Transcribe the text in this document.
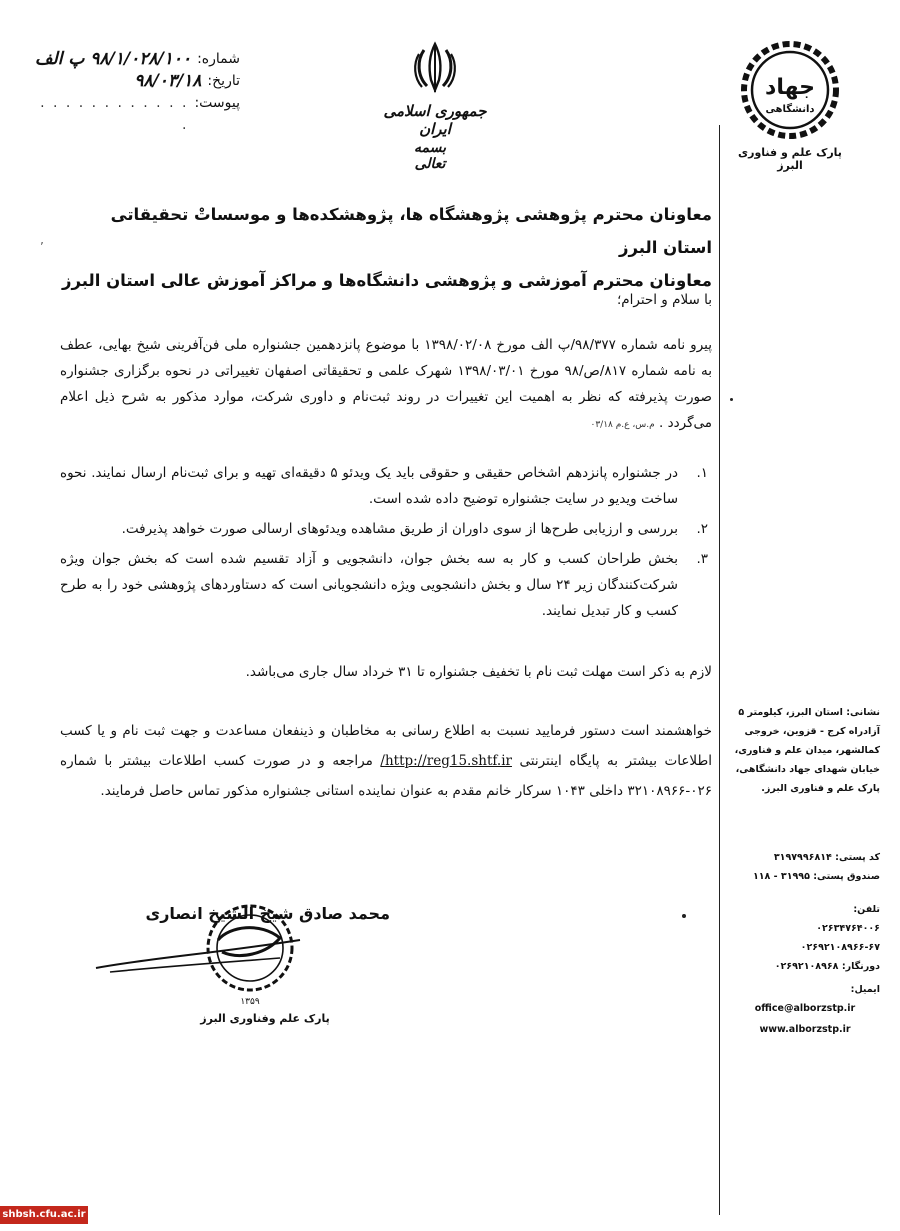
شماره:
۹۸/۱/۰۲۸/۱۰۰ پ الف
تاریخ:
۹۸/۰۳/۱۸
پیوست:
. . . . . . . . . . . . .
جمهوری اسلامی ایران
بسمه تعالی
جهاد
دانشگاهی
پارک علم و فناوری البرز
’
معاونان محترم پژوهشی پژوهشگاه ها، پژوهشکده‌ها و موسساتْ تحقیقاتی استان البرز
معاونان محترم آموزشی و پژوهشی دانشگاه‌ها و مراکز آموزش عالی استان البرز
با سلام و احترام؛
پیرو نامه شماره ۹۸/۳۷۷/پ الف مورخ ۱۳۹۸/۰۲/۰۸ با موضوع پانزدهمین جشنواره ملی فن‌آفرینی شیخ بهایی، عطف به نامه شماره ۸۱۷/ص/۹۸ مورخ ۱۳۹۸/۰۳/۰۱ شهرک علمی و تحقیقاتی اصفهان تغییراتی در نحوه برگزاری جشنواره صورت پذیرفته که نظر به اهمیت این تغییرات در روند ثبت‌نام و داوری شرکت، موارد مذکور به شرح ذیل اعلام می‌گردد . م.س، ع.م ۰۳/۱۸
۱.
در جشنواره پانزدهم اشخاص حقیقی و حقوقی باید یک ویدئو ۵ دقیقه‌ای تهیه و برای ثبت‌نام ارسال نمایند. نحوه ساخت ویدیو در سایت جشنواره توضیح داده شده است.
۲.
بررسی و ارزیابی طرح‌ها از سوی داوران از طریق مشاهده ویدئوهای ارسالی صورت خواهد پذیرفت.
۳.
بخش طراحان کسب و کار به سه بخش جوان، دانشجویی و آزاد تقسیم شده است که بخش جوان ویژه شرکت‌کنندگان زیر ۲۴ سال و بخش دانشجویی ویژه دانشجویانی است که دستاوردهای پژوهشی خود را به طرح کسب و کار تبدیل نمایند.
لازم به ذکر است مهلت ثبت نام با تخفیف جشنواره تا ۳۱ خرداد سال جاری می‌باشد.
خواهشمند است دستور فرمایید نسبت به اطلاع رسانی به مخاطبان و ذینفعان مساعدت و جهت ثبت نام و یا کسب اطلاعات بیشتر به پایگاه اینترنتی http://reg15.shtf.ir/ مراجعه و در صورت کسب اطلاعات بیشتر با شماره ۰۲۶-۳۲۱۰۸۹۶۶ داخلی ۱۰۴۳ سرکار خانم مقدم به عنوان نماینده استانی جشنواره مذکور تماس حاصل فرمایند.
۱۳۵۹
محمد صادق شیخ الشیخ انصاری
پارک علم وفناوری البرز
نشانی: استان البرز، کیلومتر ۵ آزادراه کرج - قزوین، خروجی کمالشهر، میدان علم و فناوری، خیابان شهدای جهاد دانشگاهی، پارک علم و فناوری البرز.
کد پستی: ۳۱۹۷۹۹۶۸۱۴
صندوق پستی: ۳۱۹۹۵ - ۱۱۸
تلفن:
۰۲۶۳۴۷۶۴۰۰۶
۰۲۶۹۲۱۰۸۹۶۶-۶۷
دورنگار: ۰۲۶۹۲۱۰۸۹۶۸
ایمیل:
office@alborzstp.ir
www.alborzstp.ir
shbsh.cfu.ac.ir
